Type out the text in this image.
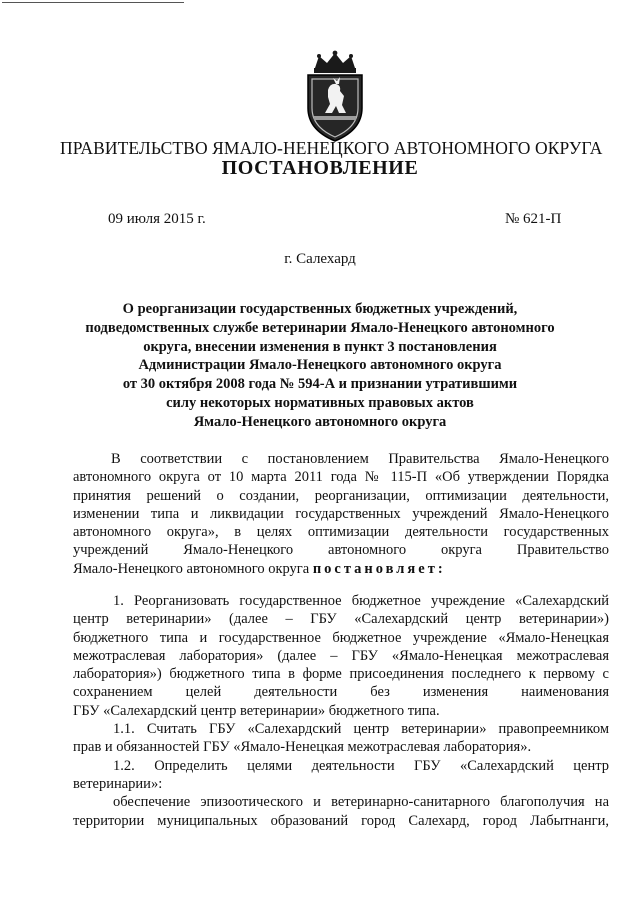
ПРАВИТЕЛЬСТВО ЯМАЛО-НЕНЕЦКОГО АВТОНОМНОГО ОКРУГА
ПОСТАНОВЛЕНИЕ
09 июля 2015 г.	№ 621-П
г. Салехард
О реорганизации государственных бюджетных учреждений,
подведомственных службе ветеринарии Ямало-Ненецкого автономного
округа, внесении изменения в пункт 3 постановления
Администрации Ямало-Ненецкого автономного округа
от 30 октября 2008 года № 594-А и признании утратившими
силу некоторых нормативных правовых актов
Ямало-Ненецкого автономного округа
В соответствии с постановлением Правительства Ямало-Ненецкого
автономного округа от 10 марта 2011 года № 115-П «Об утверждении Порядка
принятия решений о создании, реорганизации, оптимизации деятельности,
изменении типа и ликвидации государственных учреждений Ямало-Ненецкого
автономного округа», в целях оптимизации деятельности государственных
учреждений Ямало-Ненецкого автономного округа Правительство
Ямало-Ненецкого автономного округа постановляет:
1. Реорганизовать государственное бюджетное учреждение «Салехардский
центр ветеринарии» (далее – ГБУ «Салехардский центр ветеринарии»)
бюджетного типа и государственное бюджетное учреждение «Ямало-Ненецкая
межотраслевая лаборатория» (далее – ГБУ «Ямало-Ненецкая межотраслевая
лаборатория») бюджетного типа в форме присоединения последнего к первому с
сохранением целей деятельности без изменения наименования
ГБУ «Салехардский центр ветеринарии» бюджетного типа.
1.1. Считать ГБУ «Салехардский центр ветеринарии» правопреемником
прав и обязанностей ГБУ «Ямало-Ненецкая межотраслевая лаборатория».
1.2. Определить целями деятельности ГБУ «Салехардский центр
ветеринарии»:
обеспечение эпизоотического и ветеринарно-санитарного благополучия на
территории муниципальных образований город Салехард, город Лабытнанги,
